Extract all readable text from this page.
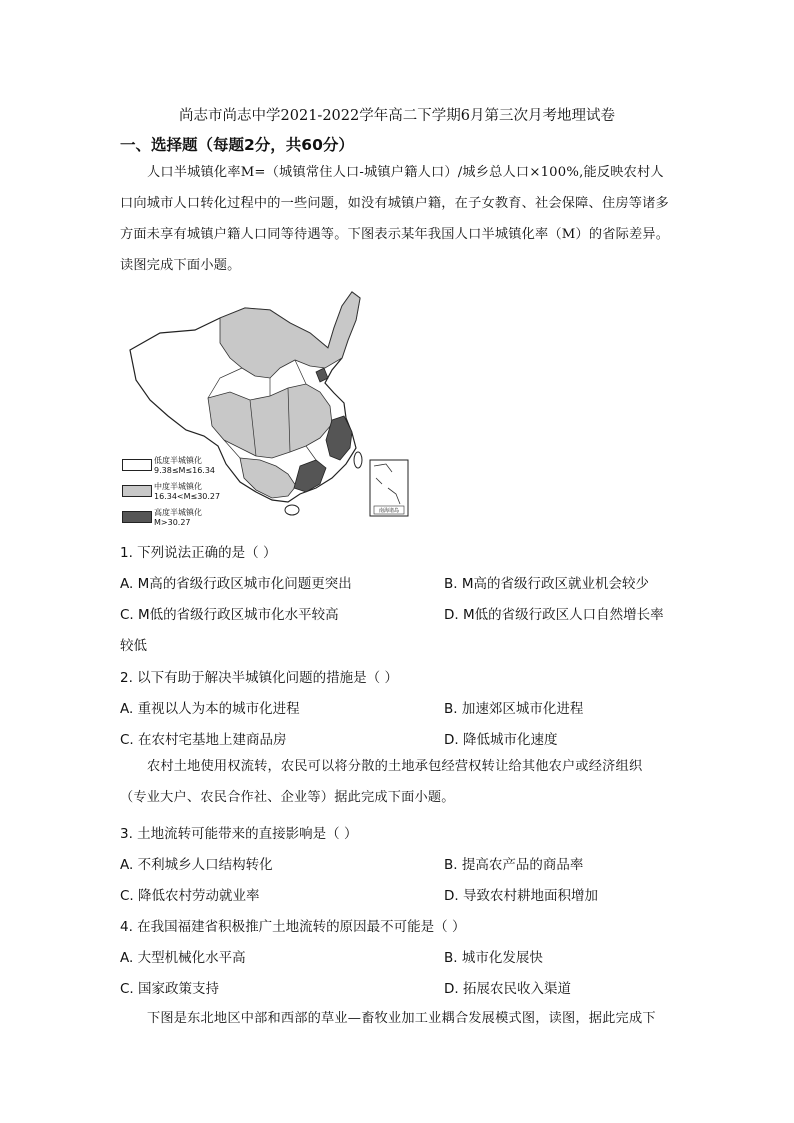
尚志市尚志中学2021-2022学年高二下学期6月第三次月考地理试卷
一、选择题（每题2分，共60分）
人口半城镇化率M=（城镇常住人口-城镇户籍人口）/城乡总人口×100%,能反映农村人
口向城市人口转化过程中的一些问题，如没有城镇户籍，在子女教育、社会保障、住房等诸多
方面未享有城镇户籍人口同等待遇等。下图表示某年我国人口半城镇化率（M）的省际差异。
读图完成下面小题。
南海诸岛
低度半城镇化
9.38≤M≤16.34
中度半城镇化
16.34<M≤30.27
高度半城镇化
M>30.27
1. 下列说法正确的是（ ）
A. M高的省级行政区城市化问题更突出	B. M高的省级行政区就业机会较少
C. M低的省级行政区城市化水平较高	D. M低的省级行政区人口自然增长率
较低
2. 以下有助于解决半城镇化问题的措施是（ ）
A. 重视以人为本的城市化进程	B. 加速郊区城市化进程
C. 在农村宅基地上建商品房	D. 降低城市化速度
农村土地使用权流转，农民可以将分散的土地承包经营权转让给其他农户或经济组织
（专业大户、农民合作社、企业等）据此完成下面小题。
3. 土地流转可能带来的直接影响是（ ）
A. 不利城乡人口结构转化	B. 提高农产品的商品率
C. 降低农村劳动就业率	D. 导致农村耕地面积增加
4. 在我国福建省积极推广土地流转的原因最不可能是（ ）
A. 大型机械化水平高	B. 城市化发展快
C. 国家政策支持	D. 拓展农民收入渠道
下图是东北地区中部和西部的草业—畜牧业加工业耦合发展模式图，读图，据此完成下
